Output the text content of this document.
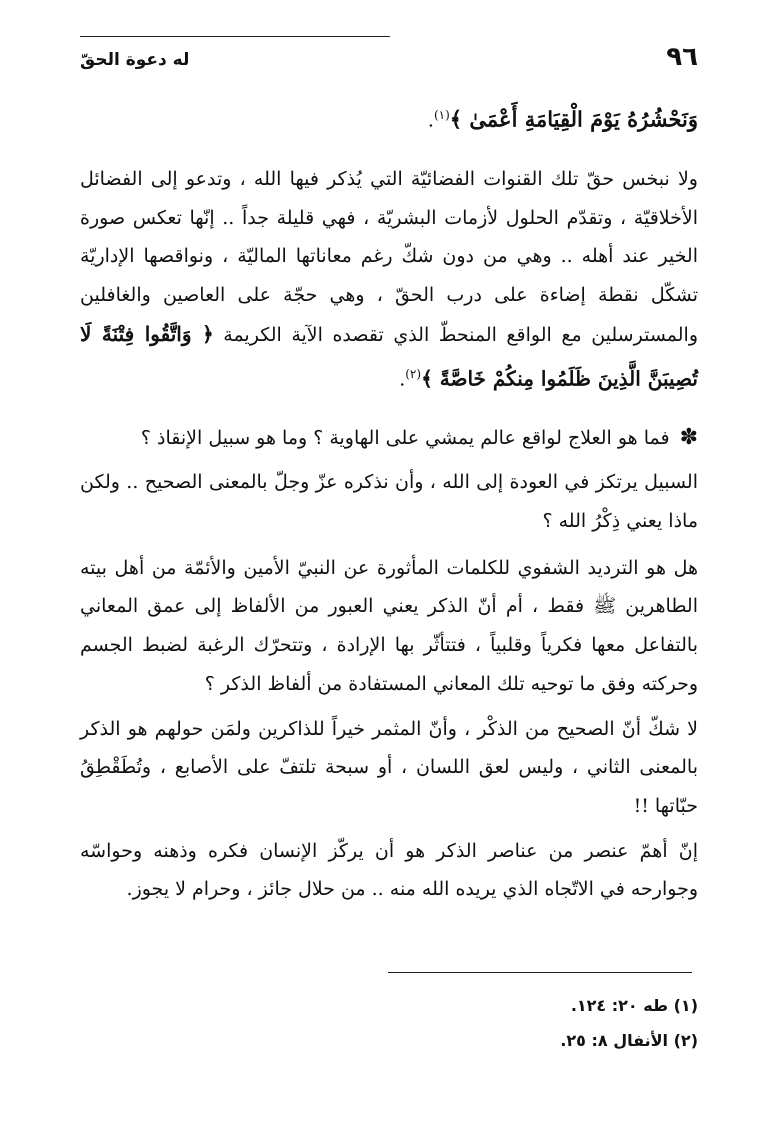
٩٦
له دعوة الحقّ

وَنَحْشُرُهُ يَوْمَ الْقِيَامَةِ أَعْمَىٰ ﴾$^{(١)}$.

ولا نبخس حقّ تلك القنوات الفضائيّة التي يُذكر فيها الله ، وتدعو إلى الفضائل الأخلاقيّة ، وتقدّم الحلول لأزمات البشريّة ، فهي قليلة جداً .. إنّها تعكس صورة الخير عند أهله .. وهي من دون شكّ رغم معاناتها الماليّة ، ونواقصها الإداريّة تشكّل نقطة إضاءة على درب الحقّ ، وهي حجّة على العاصين والغافلين والمسترسلين مع الواقع المنحطّ الذي تقصده الآية الكريمة ﴿ وَاتَّقُوا فِتْنَةً لَا تُصِيبَنَّ الَّذِينَ ظَلَمُوا مِنكُمْ خَاصَّةً ﴾$^{(٢)}$.

✽فما هو العلاج لواقع عالم يمشي على الهاوية ؟ وما هو سبيل الإنقاذ ؟

السبيل يرتكز في العودة إلى الله ، وأن نذكره عزّ وجلّ بالمعنى الصحيح .. ولكن ماذا يعني ذِكْرُ الله ؟

هل هو الترديد الشفوي للكلمات المأثورة عن النبيّ الأمين والأئمّة من أهل بيته الطاهرين ﷺ فقط ، أم أنّ الذكر يعني العبور من الألفاظ إلى عمق المعاني بالتفاعل معها فكرياً وقلبياً ، فتتأثّر بها الإرادة ، وتتحرّك الرغبة لضبط الجسم وحركته وفق ما توحيه تلك المعاني المستفادة من ألفاظ الذكر ؟

لا شكّ أنّ الصحيح من الذكْر ، وأنّ المثمر خيراً للذاكرين ولمَن حولهم هو الذكر بالمعنى الثاني ، وليس لعق اللسان ، أو سبحة تلتفّ على الأصابع ، وتُطَقْطِقُ حبّاتها !!

إنّ أهمّ عنصر من عناصر الذكر هو أن يركّز الإنسان فكره وذهنه وحواسّه وجوارحه في الاتّجاه الذي يريده الله منه .. من حلال جائز ، وحرام لا يجوز.

(١) طه ٢٠: ١٢٤.
(٢) الأنفال ٨: ٢٥.
